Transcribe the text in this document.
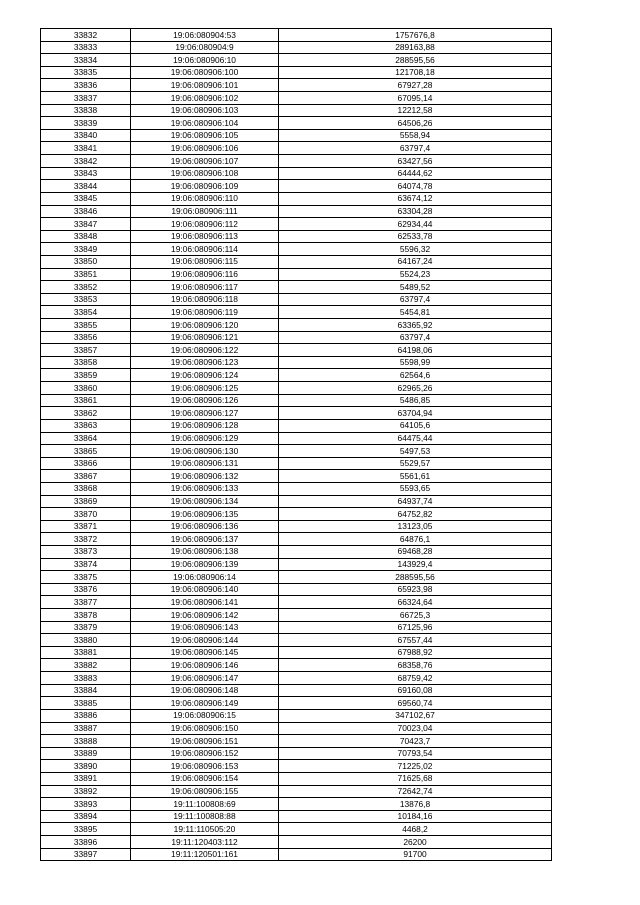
33832	19:06:080904:53	1757676,8
33833	19:06:080904:9	289163,88
33834	19:06:080906:10	288595,56
33835	19:06:080906:100	121708,18
33836	19:06:080906:101	67927,28
33837	19:06:080906:102	67095,14
33838	19:06:080906:103	12212,58
33839	19:06:080906:104	64506,26
33840	19:06:080906:105	5558,94
33841	19:06:080906:106	63797,4
33842	19:06:080906:107	63427,56
33843	19:06:080906:108	64444,62
33844	19:06:080906:109	64074,78
33845	19:06:080906:110	63674,12
33846	19:06:080906:111	63304,28
33847	19:06:080906:112	62934,44
33848	19:06:080906:113	62533,78
33849	19:06:080906:114	5596,32
33850	19:06:080906:115	64167,24
33851	19:06:080906:116	5524,23
33852	19:06:080906:117	5489,52
33853	19:06:080906:118	63797,4
33854	19:06:080906:119	5454,81
33855	19:06:080906:120	63365,92
33856	19:06:080906:121	63797,4
33857	19:06:080906:122	64198,06
33858	19:06:080906:123	5598,99
33859	19:06:080906:124	62564,6
33860	19:06:080906:125	62965,26
33861	19:06:080906:126	5486,85
33862	19:06:080906:127	63704,94
33863	19:06:080906:128	64105,6
33864	19:06:080906:129	64475,44
33865	19:06:080906:130	5497,53
33866	19:06:080906:131	5529,57
33867	19:06:080906:132	5561,61
33868	19:06:080906:133	5593,65
33869	19:06:080906:134	64937,74
33870	19:06:080906:135	64752,82
33871	19:06:080906:136	13123,05
33872	19:06:080906:137	64876,1
33873	19:06:080906:138	69468,28
33874	19:06:080906:139	143929,4
33875	19:06:080906:14	288595,56
33876	19:06:080906:140	65923,98
33877	19:06:080906:141	66324,64
33878	19:06:080906:142	66725,3
33879	19:06:080906:143	67125,96
33880	19:06:080906:144	67557,44
33881	19:06:080906:145	67988,92
33882	19:06:080906:146	68358,76
33883	19:06:080906:147	68759,42
33884	19:06:080906:148	69160,08
33885	19:06:080906:149	69560,74
33886	19:06:080906:15	347102,67
33887	19:06:080906:150	70023,04
33888	19:06:080906:151	70423,7
33889	19:06:080906:152	70793,54
33890	19:06:080906:153	71225,02
33891	19:06:080906:154	71625,68
33892	19:06:080906:155	72642,74
33893	19:11:100808:69	13876,8
33894	19:11:100808:88	10184,16
33895	19:11:110505:20	4468,2
33896	19:11:120403:112	26200
33897	19:11:120501:161	91700
